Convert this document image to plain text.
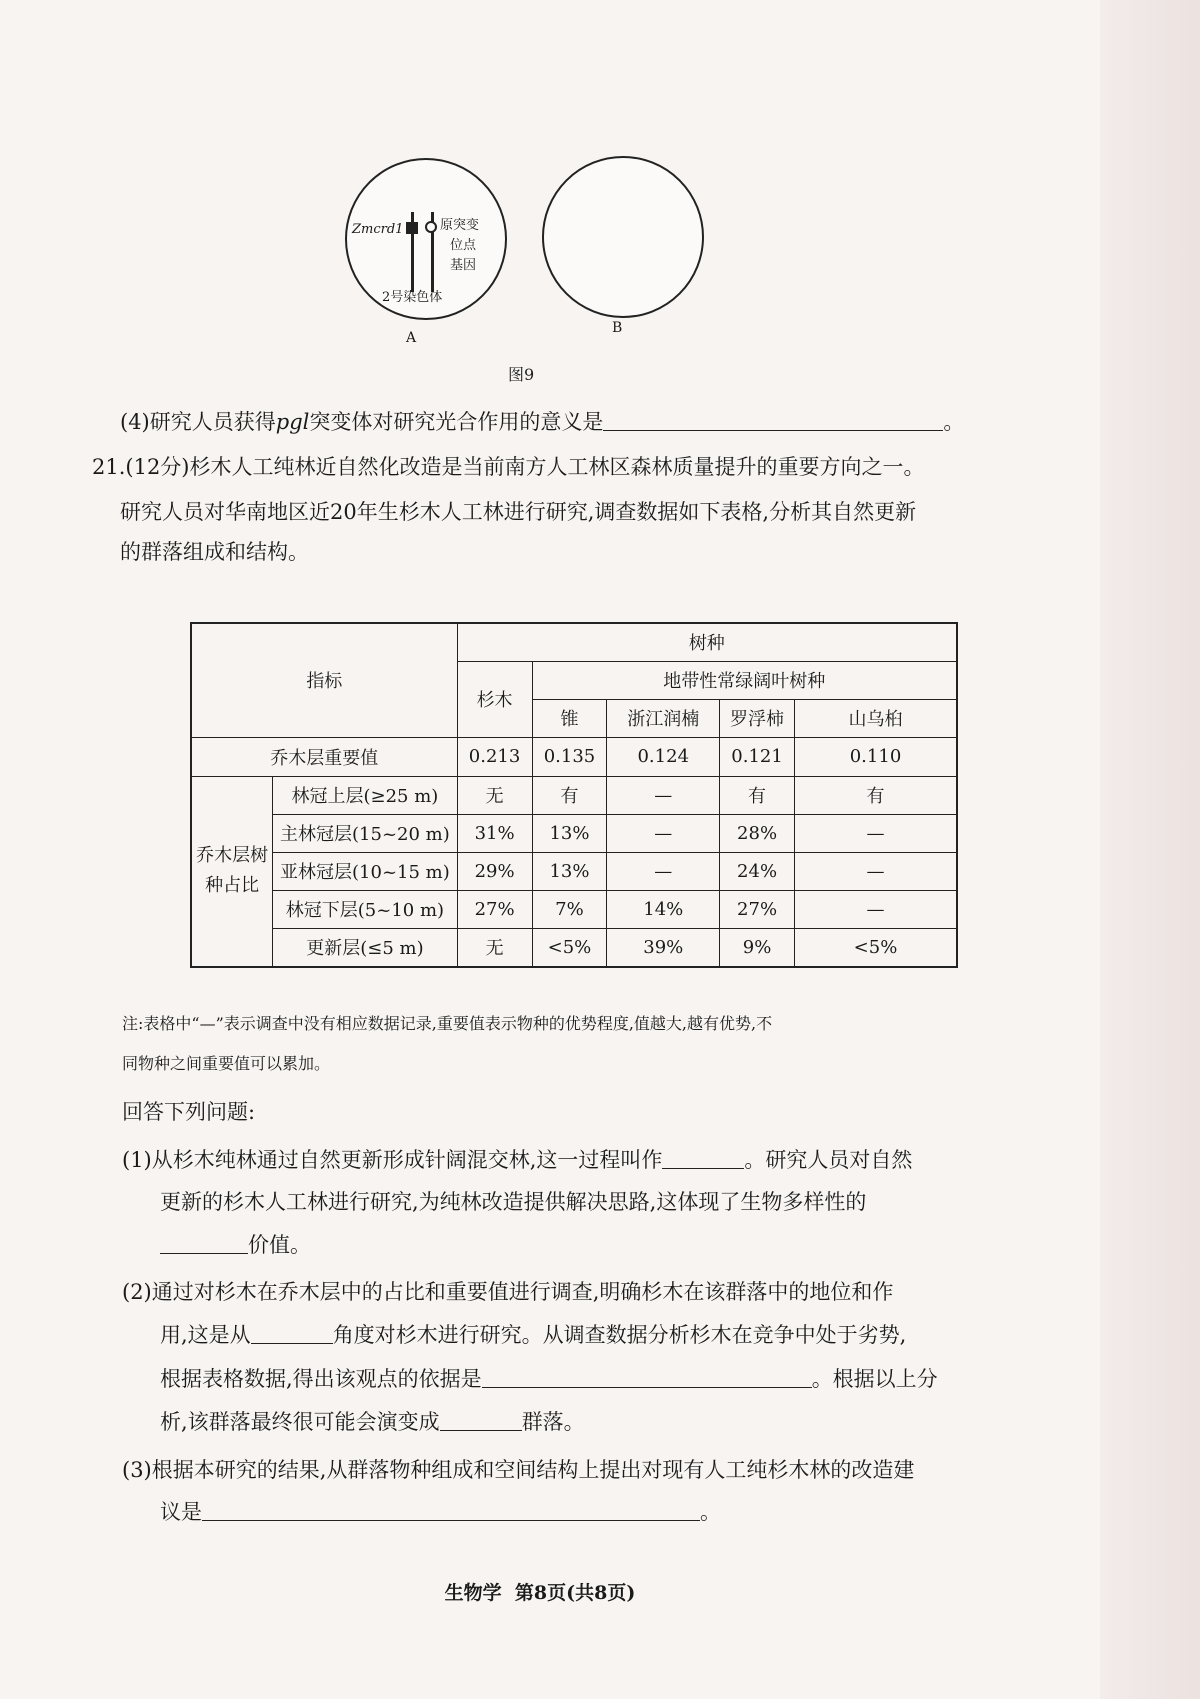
Zmcrd1	原突变
位点
基因
2号染色体
A
B
图9
(4)研究人员获得pgl突变体对研究光合作用的意义是	。
21.(12分)杉木人工纯林近自然化改造是当前南方人工林区森林质量提升的重要方向之一。
研究人员对华南地区近20年生杉木人工林进行研究,调查数据如下表格,分析其自然更新
的群落组成和结构。
指标		树种				
		杉木	地带性常绿阔叶树种			
			锥	浙江润楠	罗浮柿	山乌桕
乔木层重要值		0.213	0.135	0.124	0.121	0.110
乔木层树
种占比	林冠上层(≥25 m)	无	有	—	有	有
	主林冠层(15~20 m)	31%	13%	—	28%	—
	亚林冠层(10~15 m)	29%	13%	—	24%	—
	林冠下层(5~10 m)	27%	7%	14%	27%	—
	更新层(≤5 m)	无	<5%	39%	9%	<5%
注:表格中“—”表示调查中没有相应数据记录,重要值表示物种的优势程度,值越大,越有优势,不
同物种之间重要值可以累加。
回答下列问题:
(1)从杉木纯林通过自然更新形成针阔混交林,这一过程叫作	。研究人员对自然
更新的杉木人工林进行研究,为纯林改造提供解决思路,这体现了生物多样性的
价值。
(2)通过对杉木在乔木层中的占比和重要值进行调查,明确杉木在该群落中的地位和作
用,这是从	角度对杉木进行研究。从调查数据分析杉木在竞争中处于劣势,
根据表格数据,得出该观点的依据是	。根据以上分
析,该群落最终很可能会演变成	群落。
(3)根据本研究的结果,从群落物种组成和空间结构上提出对现有人工纯杉木林的改造建
议是	。
生物学  第8页(共8页)
